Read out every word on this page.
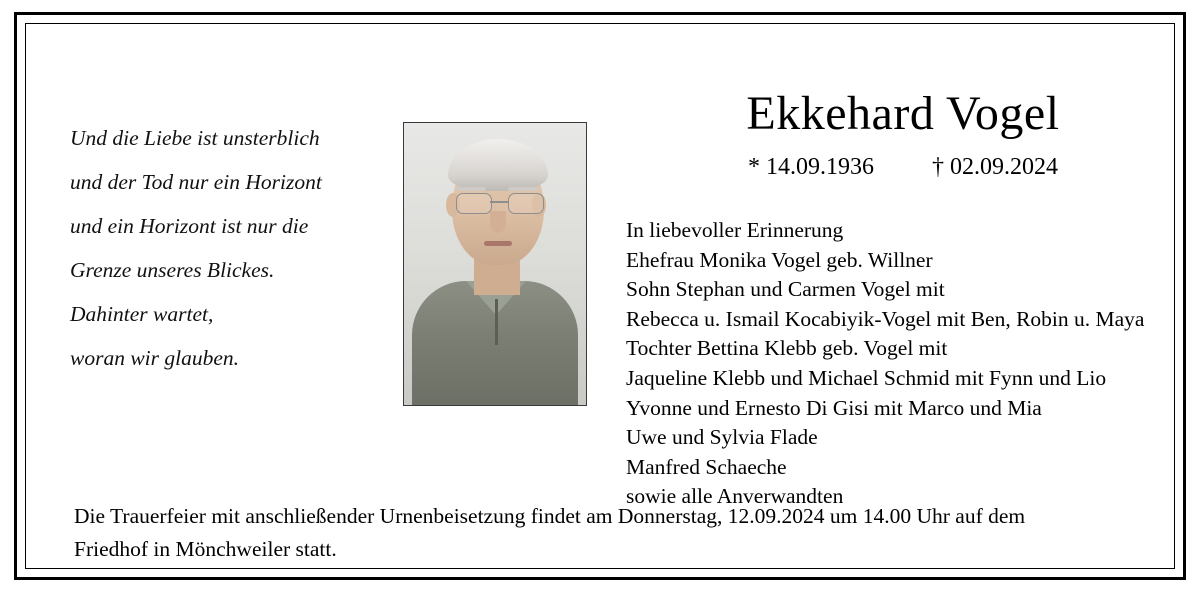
Und die Liebe ist unsterblich
und der Tod nur ein Horizont
und ein Horizont ist nur die
Grenze unseres Blickes.
Dahinter wartet,
woran wir glauben.
Ekkehard Vogel
* 14.09.1936 † 02.09.2024
In liebevoller Erinnerung
Ehefrau Monika Vogel geb. Willner
Sohn Stephan und Carmen Vogel mit
Rebecca u. Ismail Kocabiyik-Vogel mit Ben, Robin u. Maya
Tochter Bettina Klebb geb. Vogel mit
Jaqueline Klebb und Michael Schmid mit Fynn und Lio
Yvonne und Ernesto Di Gisi mit Marco und Mia
Uwe und Sylvia Flade
Manfred Schaeche
sowie alle Anverwandten
Die Trauerfeier mit anschließender Urnenbeisetzung findet am Donnerstag, 12.09.2024 um 14.00 Uhr auf dem
Friedhof in Mönchweiler statt.
